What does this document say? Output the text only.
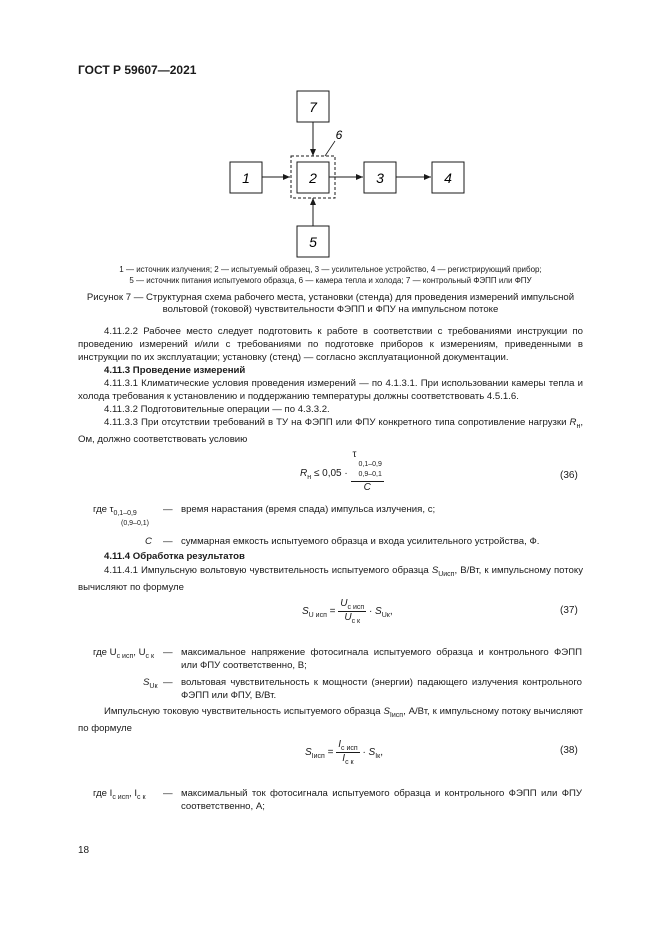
ГОСТ Р 59607—2021
7
1	2	3	4
5
6
1 — источник излучения; 2 — испытуемый образец, 3 — усилительное устройство, 4 — регистрирующий прибор;
5 — источник питания испытуемого образца, 6 — камера тепла и холода; 7 — контрольный ФЭПП или ФПУ
Рисунок 7 — Структурная схема рабочего места, установки (стенда) для проведения измерений импульсной
вольтовой (токовой) чувствительности ФЭПП и ФПУ на импульсном потоке
4.11.2.2 Рабочее место следует подготовить к работе в соответствии с требованиями инструкции по проведению измерений и/или с требованиями по подготовке приборов к измерениям, приведенными в инструкции по их эксплуатации; установку (стенд) — согласно эксплуатационной документации.
4.11.3 Проведение измерений
4.11.3.1 Климатические условия проведения измерений — по 4.1.3.1. При использовании камеры тепла и холода требования к установлению и поддержанию температуры должны соответствовать 4.5.1.6.
4.11.3.2 Подготовительные операции — по 4.3.3.2.
4.11.3.3 При отсутствии требований в ТУ на ФЭПП или ФПУ конкретного типа сопротивление нагрузки $R_н$, Ом, должно соответствовать условию
$R_н \le 0,05$ ·
τ
0,1–0,9
0,9–0,1
C
(36)
где $\tau_{0,1-0,9}$
(0,9–0,1)
— время нарастания (время спада) импульса излучения, с;
C — суммарная емкость испытуемого образца и входа усилительного устройства, Ф.
4.11.4 Обработка результатов
4.11.4.1 Импульсную вольтовую чувствительность испытуемого образца $S_{Uисп}$, В/Вт, к импульсному потоку вычисляют по формуле
$S_{U исп} = \frac{U_{с исп}}{U_{с к}} \cdot S_{Uк}$,	(37)
где $U_{с исп}$, $U_{с к}$ — максимальное напряжение фотосигнала испытуемого образца и контрольного ФЭПП или ФПУ соответственно, В;
$S_{Uк}$ — вольтовая чувствительность к мощности (энергии) падающего излучения контрольного ФЭПП или ФПУ, В/Вт.
Импульсную токовую чувствительность испытуемого образца $S_{Iисп}$, А/Вт, к импульсному потоку вычисляют по формуле
$S_{Iисп} = \frac{I_{с исп}}{I_{с к}} \cdot S_{Iк}$,	(38)
где $I_{с исп}$, $I_{с к}$ — максимальный ток фотосигнала испытуемого образца и контрольного ФЭПП или ФПУ соответственно, А;
18
